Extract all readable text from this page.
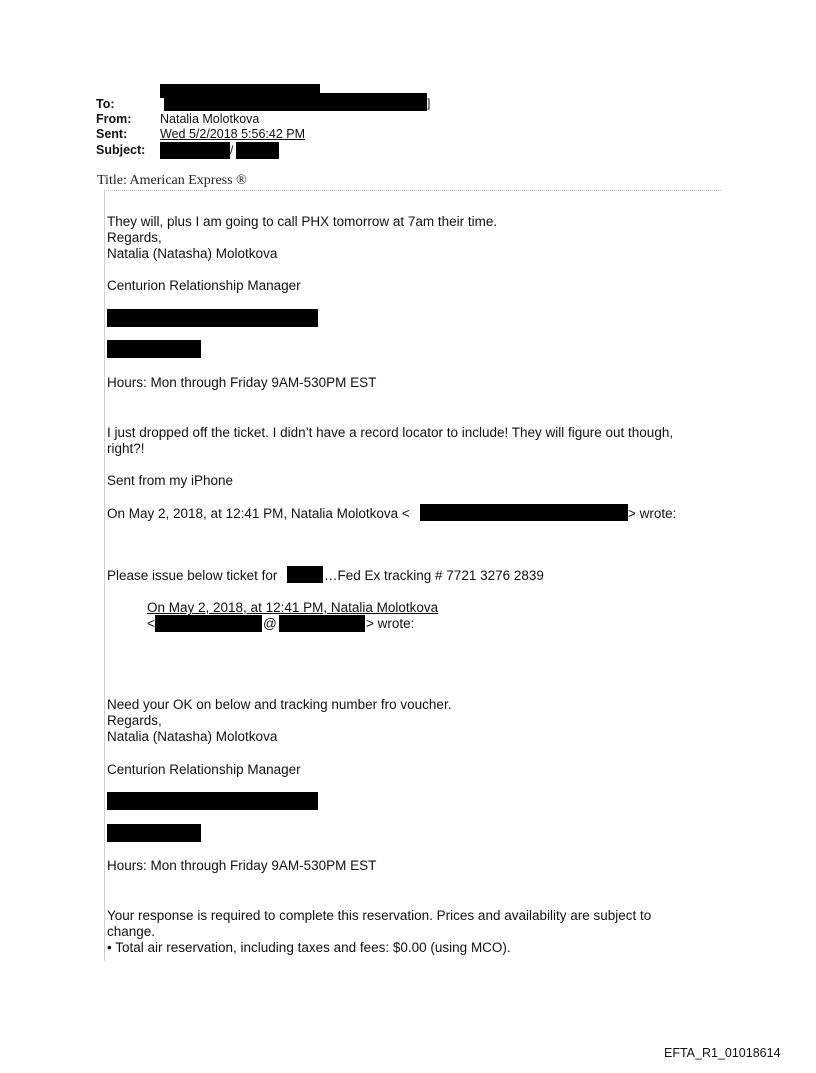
To:
From: Natalia Molotkova
Sent:	Wed 5/2/2018 5:56:42 PM
Subject:
]
/
Title: American Express ®
They will, plus I am going to call PHX tomorrow at 7am their time.
Regards,
Natalia (Natasha) Molotkova
Centurion Relationship Manager
Hours: Mon through Friday 9AM-530PM EST
I just dropped off the ticket. I didn’t have a record locator to include! They will figure out though, right?!
Sent from my iPhone
On May 2, 2018, at 12:41 PM, Natalia Molotkova <	> wrote:
Please issue below ticket for	…Fed Ex tracking # 7721 3276 2839
On May 2, 2018, at 12:41 PM, Natalia Molotkova
<	@	> wrote:
Need your OK on below and tracking number fro voucher.
Regards,
Natalia (Natasha) Molotkova
Centurion Relationship Manager
Hours: Mon through Friday 9AM-530PM EST
Your response is required to complete this reservation. Prices and availability are subject to change.
• Total air reservation, including taxes and fees: $0.00 (using MCO).
EFTA_R1_01018614
